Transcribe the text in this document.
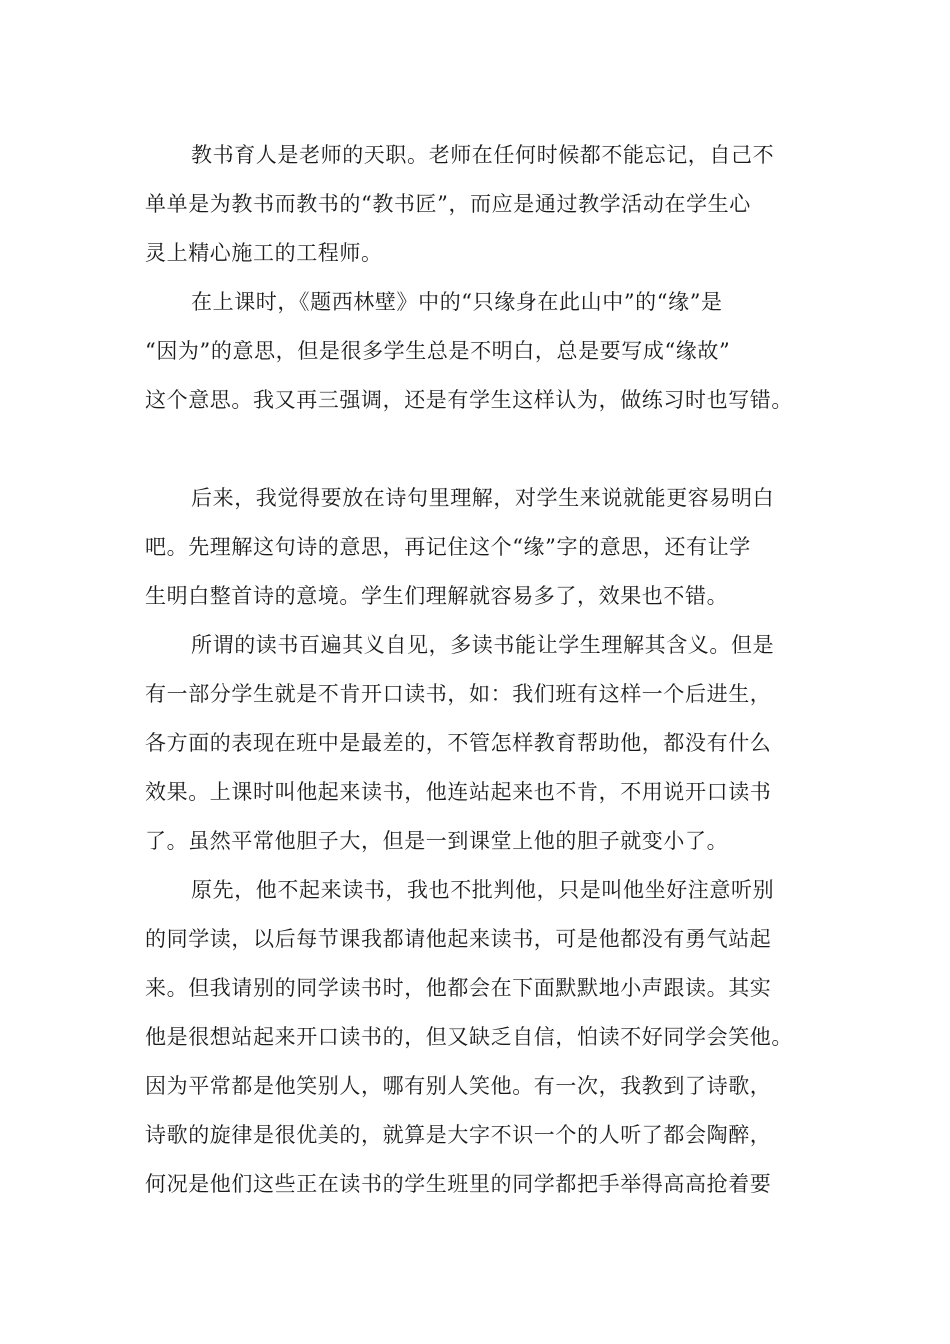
教书育人是老师的天职。老师在任何时候都不能忘记，自己不
单单是为教书而教书的“教书匠”，而应是通过教学活动在学生心
灵上精心施工的工程师。
在上课时，《题西林壁》中的“只缘身在此山中”的“缘”是
“因为”的意思，但是很多学生总是不明白，总是要写成“缘故”
这个意思。我又再三强调，还是有学生这样认为，做练习时也写错。
后来，我觉得要放在诗句里理解，对学生来说就能更容易明白
吧。先理解这句诗的意思，再记住这个“缘”字的意思，还有让学
生明白整首诗的意境。学生们理解就容易多了，效果也不错。
所谓的读书百遍其义自见，多读书能让学生理解其含义。但是
有一部分学生就是不肯开口读书，如：我们班有这样一个后进生，
各方面的表现在班中是最差的，不管怎样教育帮助他，都没有什么
效果。上课时叫他起来读书，他连站起来也不肯，不用说开口读书
了。虽然平常他胆子大，但是一到课堂上他的胆子就变小了。
原先，他不起来读书，我也不批判他，只是叫他坐好注意听别
的同学读，以后每节课我都请他起来读书，可是他都没有勇气站起
来。但我请别的同学读书时，他都会在下面默默地小声跟读。其实
他是很想站起来开口读书的，但又缺乏自信，怕读不好同学会笑他。
因为平常都是他笑别人，哪有别人笑他。有一次，我教到了诗歌，
诗歌的旋律是很优美的，就算是大字不识一个的人听了都会陶醉，
何况是他们这些正在读书的学生班里的同学都把手举得高高抢着要
